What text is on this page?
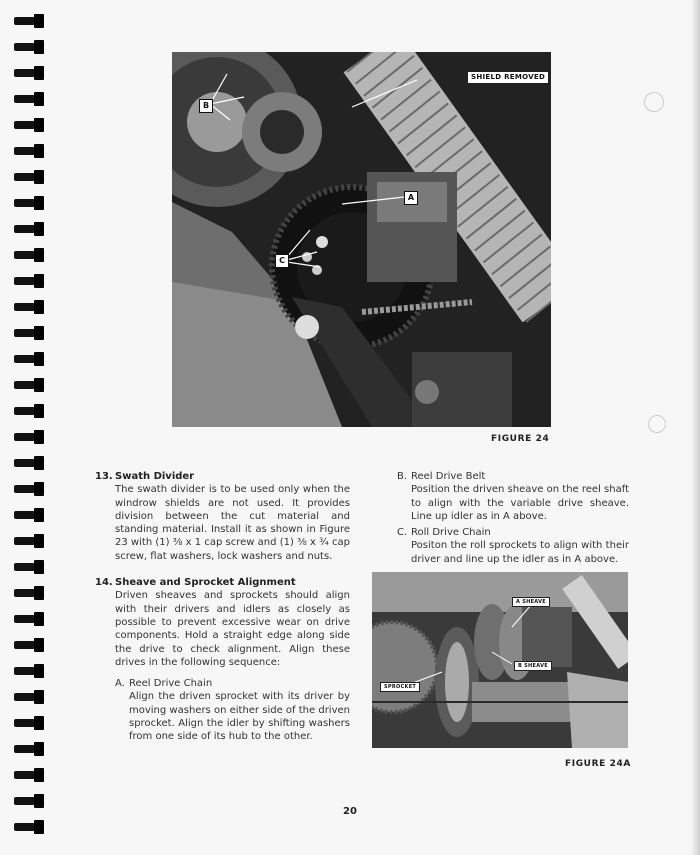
SHIELD REMOVED
A
B
C
FIGURE 24
13. Swath Divider
The swath divider is to be used only when the windrow shields are not used. It provides division between the cut material and standing material. Install it as shown in Figure 23 with (1) ⅜ x 1 cap screw and (1) ⅜ x ¾ cap screw, flat washers, lock washers and nuts.
14. Sheave and Sprocket Alignment
Driven sheaves and sprockets should align with their drivers and idlers as closely as possible to prevent excessive wear on drive components. Hold a straight edge along side the drive to check alignment. Align these drives in the following sequence:
A. Reel Drive Chain
Align the driven sprocket with its driver by moving washers on either side of the driven sprocket. Align the idler by shifting washers from one side of its hub to the other.
B. Reel Drive Belt
Position the driven sheave on the reel shaft to align with the variable drive sheave. Line up idler as in A above.
C. Roll Drive Chain
Positon the roll sprockets to align with their driver and line up the idler as in A above.
SPROCKET
A SHEAVE
B SHEAVE
FIGURE 24A
20
